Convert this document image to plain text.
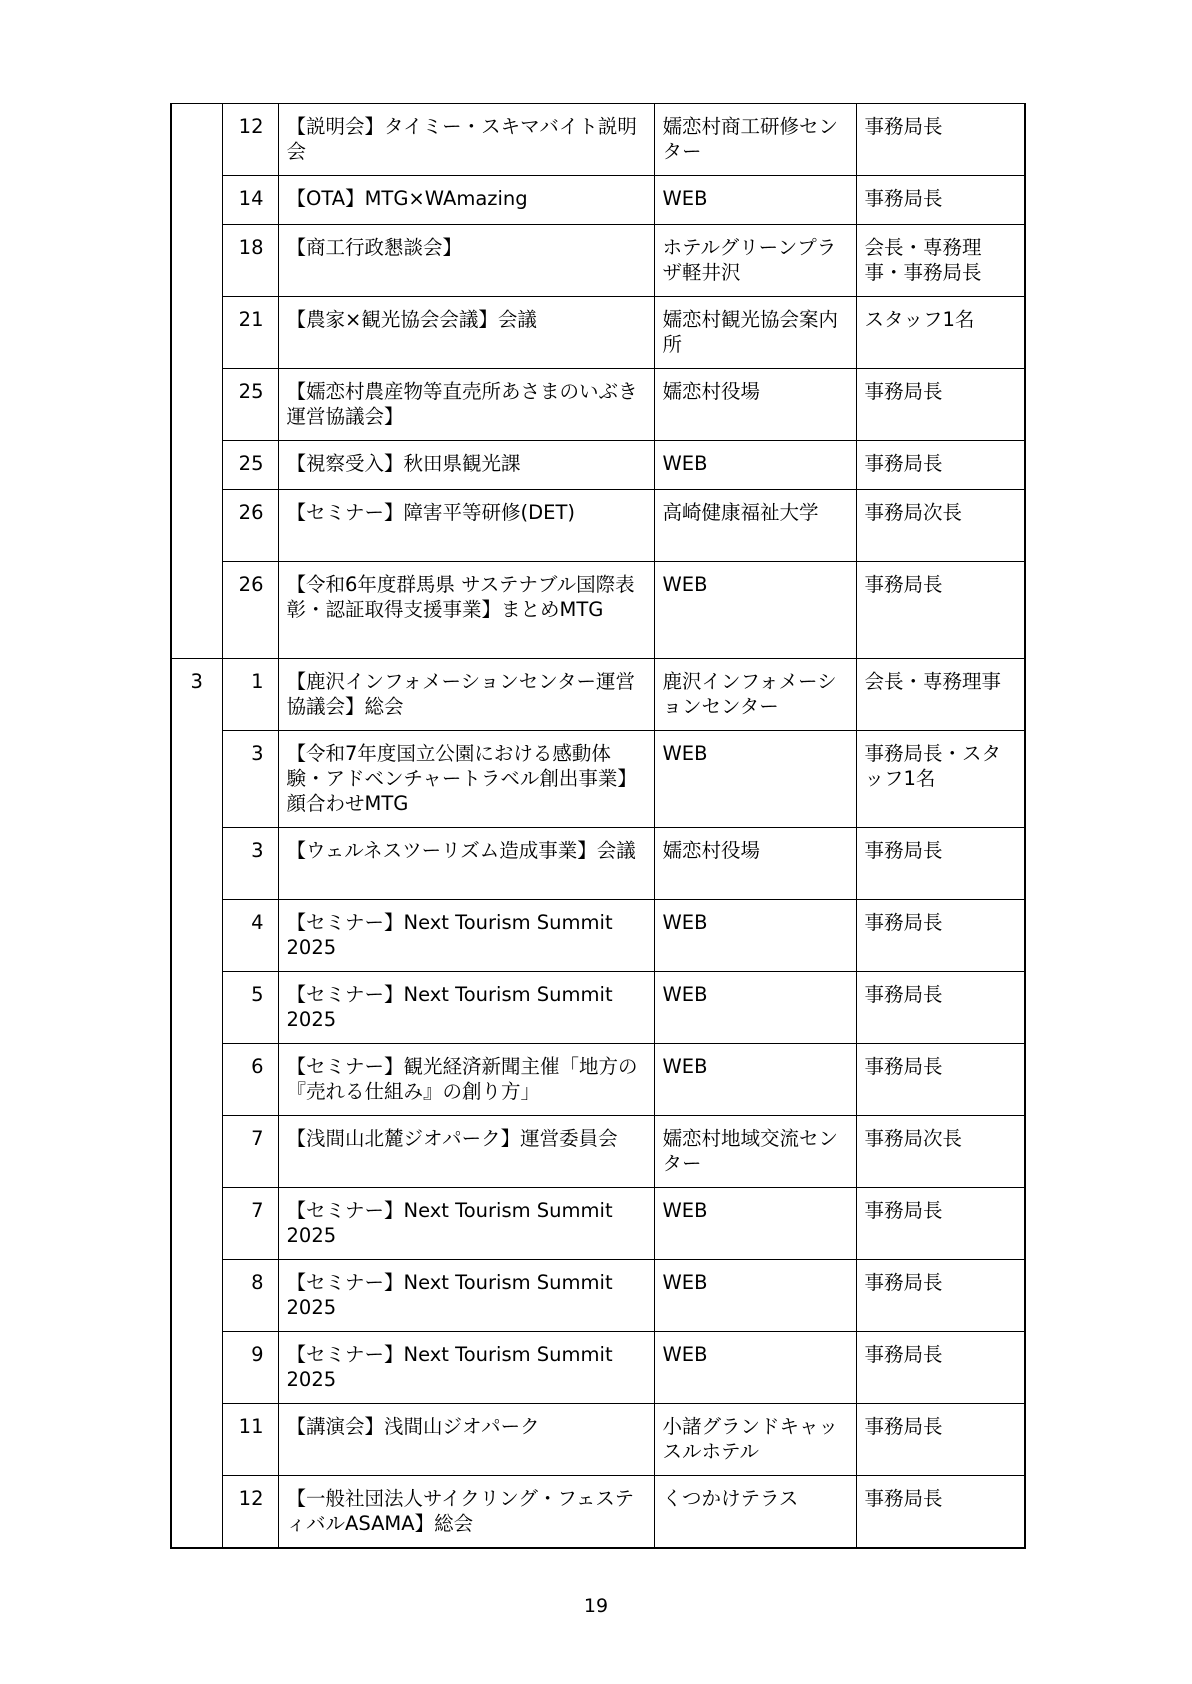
	12	【説明会】タイミー・スキマバイト説明会	嬬恋村商工研修センター	事務局長
	14	【OTA】MTG×WAmazing	WEB	事務局長
	18	【商工行政懇談会】	ホテルグリーンプラザ軽井沢	会長・専務理事・事務局長
	21	【農家×観光協会会議】会議	嬬恋村観光協会案内所	スタッフ1名
	25	【嬬恋村農産物等直売所あさまのいぶき運営協議会】	嬬恋村役場	事務局長
	25	【視察受入】秋田県観光課	WEB	事務局長
	26	【セミナー】障害平等研修(DET)	高崎健康福祉大学	事務局次長
	26	【令和6年度群馬県 サステナブル国際表彰・認証取得支援事業】まとめMTG	WEB	事務局長
3	1	【鹿沢インフォメーションセンター運営協議会】総会	鹿沢インフォメーションセンター	会長・専務理事
	3	【令和7年度国立公園における感動体験・アドベンチャートラベル創出事業】顔合わせMTG	WEB	事務局長・スタッフ1名
	3	【ウェルネスツーリズム造成事業】会議	嬬恋村役場	事務局長
	4	【セミナー】Next Tourism Summit 2025	WEB	事務局長
	5	【セミナー】Next Tourism Summit 2025	WEB	事務局長
	6	【セミナー】観光経済新聞主催「地方の『売れる仕組み』の創り方」	WEB	事務局長
	7	【浅間山北麓ジオパーク】運営委員会	嬬恋村地域交流センター	事務局次長
	7	【セミナー】Next Tourism Summit 2025	WEB	事務局長
	8	【セミナー】Next Tourism Summit 2025	WEB	事務局長
	9	【セミナー】Next Tourism Summit 2025	WEB	事務局長
	11	【講演会】浅間山ジオパーク	小諸グランドキャッスルホテル	事務局長
	12	【一般社団法人サイクリング・フェスティバルASAMA】総会	くつかけテラス	事務局長
19
